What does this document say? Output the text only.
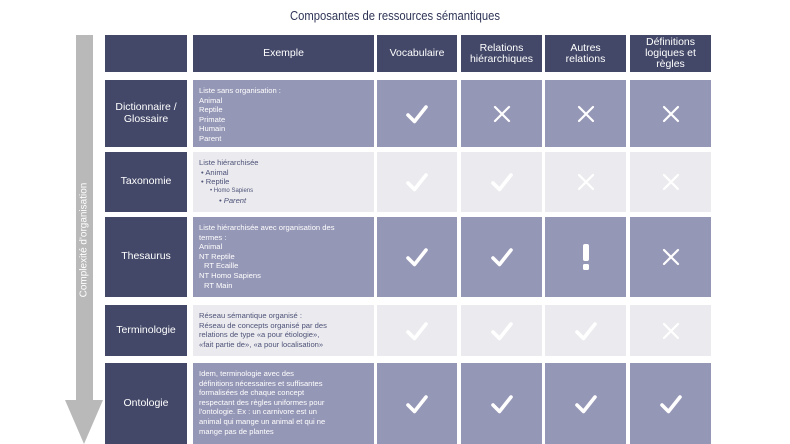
Composantes de ressources sémantiques
Complexité d'organisation
Exemple	Vocabulaire	Relations
hiérarchiques
Autres
relations
Définitions
logiques et règles
Dictionnaire /
Glossaire
Liste sans organisation :
Animal
Reptile
Primate
Humain
Parent
Taxonomie
Liste hiérarchisée
• Animal
• Reptile
• Homo Sapiens
• Parent
Thesaurus
Liste hiérarchisée avec organisation des
termes :
Animal
NT Reptile
RT Ecaille
NT Homo Sapiens
RT Main
Terminologie
Réseau sémantique organisé :
Réseau de concepts organisé par des
relations de type «a pour étiologie»,
«fait partie de», «a pour localisation»
Ontologie
Idem, terminologie avec des
définitions nécessaires et suffisantes
formalisées de chaque concept
respectant des règles uniformes pour
l'ontologie. Ex : un carnivore est un
animal qui mange un animal et qui ne
mange pas de plantes
